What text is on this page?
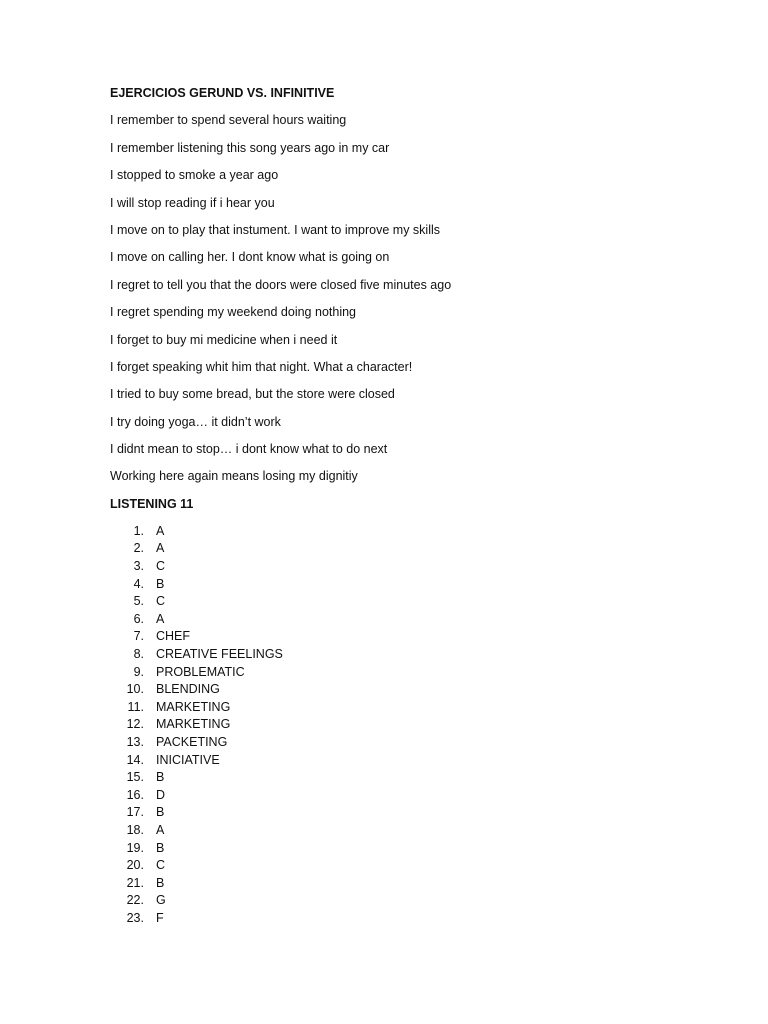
EJERCICIOS GERUND VS. INFINITIVE

I remember to spend several hours waiting
I remember listening this song years ago in my car
I stopped to smoke a year ago
I will stop reading if i hear you
I move on to play that instument. I want to improve my skills
I move on calling her. I dont know what is going on
I regret to tell you that the doors were closed five minutes ago
I regret spending my weekend doing nothing
I forget to buy mi medicine when i need it
I forget speaking whit him that night. What a character!
I tried to buy some bread, but the store were closed
I try doing yoga… it didn’t work
I didnt mean to stop… i dont know what to do next
Working here again means losing my dignitiy

LISTENING 11

1. A
2. A
3. C
4. B
5. C
6. A
7. CHEF
8. CREATIVE FEELINGS
9. PROBLEMATIC
10. BLENDING
11. MARKETING
12. MARKETING
13. PACKETING
14. INICIATIVE
15. B
16. D
17. B
18. A
19. B
20. C
21. B
22. G
23. F
